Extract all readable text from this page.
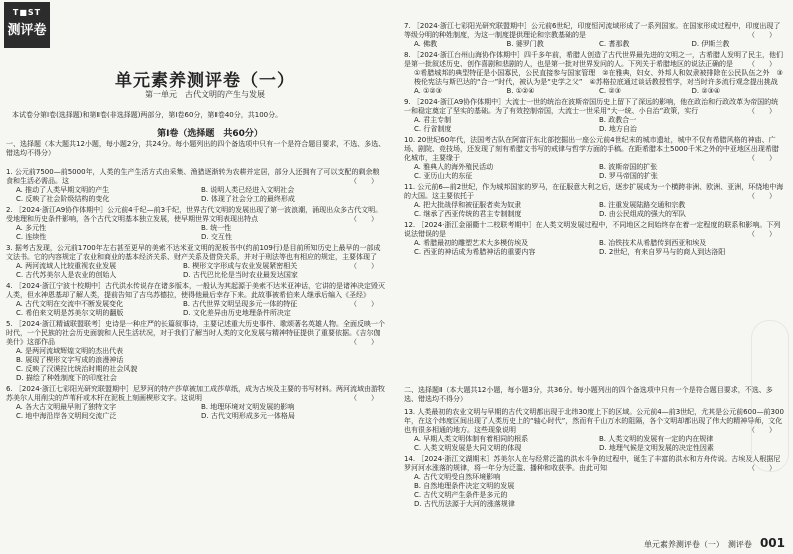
T■ST
测评卷
单元素养测评卷（一）
第一单元　古代文明的产生与发展
本试卷分第Ⅰ卷(选择题)和第Ⅱ卷(非选择题)两部分，第Ⅰ卷60分，第Ⅱ卷40分，共100分。
第Ⅰ卷（选择题　共60分）
一、选择题（本大题共12小题，每小题2分，共24分。每小题列出的四个备选项中只有一个是符合题目要求，不选、多选、错选均不得分）
1. 公元前7500—前5000年，人类的生产生活方式由采集、渔猎逐渐转为农耕并定居，部分人还拥有了可以支配的剩余粮食和生活必需品。这	（　　）
A. 推动了人类早期文明的产生	B. 说明人类已经进入文明社会
C. 反映了社会阶级结构的变化	D. 体现了社会分工的最终形成
2. ［2024·浙江A9协作体期中］公元前4千纪—前3千纪，世界古代文明的发展出现了第一波浪潮，涌现出众多古代文明。受地理和历史条件影响，各个古代文明基本独立发展，使早期世界文明表现出特点	（　　）
A. 多元性	B. 统一性
C. 连续性	D. 交互性
3. 据考古发现，公元前1700年左右甚至更早的美索不达米亚文明的泥板书中(约前109行)是目前所知历史上最早的一部成文法书。它的内容规定了农业和商业的基本经济关系、财产关系及借贷关系，并对于刑法等也有相应的规定，主要体现了
（　　）
A. 两河流域人比较重视农业发展	B. 楔形文字形成与农业发展紧密相关
C. 古代苏美尔人是农业的创始人	D. 古代巴比伦是当时农业最发达国家
4. ［2024·浙江宁波十校期中］古代洪水传说存在诸多版本，一般认为其起源于美索不达米亚神话，它讲的是诸神决定毁灭人类，但水神恩基却了解人类，提前告知了吉乌苏德拉，使得他最后幸存下来。此故事被希伯来人继承后编入《圣经》
（　　）
A. 古代文明在交流中不断发展变化	B. 古代世界文明呈现多元一体的特征
C. 希伯来文明是苏美尔文明的翻版	D. 文化差异由历史地理条件所决定
5. ［2024·浙江精诚联盟联考］史诗是一种庄严的长篇叙事诗，主要记述重大历史事件、歌颂著名英雄人物。全面反映一个时代，一个民族的社会历史面貌和人民生活状况，对于我们了解当时人类的文化发展与精神特征提供了重要依据。《吉尔伽美什》这部作品	（　　）
A. 是两河流域辉煌文明的杰出代表
B. 展现了楔形文字写成的浪漫神话
C. 反映了汉谟拉比统治时期的社会风貌
D. 描绘了种姓制度下的印度社会
6. ［2024·浙江七彩阳光研究联盟期中］尼罗河的特产莎草被加工成莎草纸，成为古埃及主要的书写材料。两河流域由游牧苏美尔人用削尖的芦苇秆或木杆在泥板上刻画楔形文字。这说明	（　　）
A. 各大古文明最早则了独特文字	B. 地理环境对文明发展的影响
C. 地中海沿岸各文明间交流广泛	D. 古代文明形成多元一体格局
7. ［2024·浙江七彩阳光研究联盟期中］公元前6世纪，印度恒河流域形成了一系列国家。在国家形成过程中，印度出现了等级分明的种姓制度，为这一制度提供理论和宗教基础的是	（　　）
A. 佛教	B. 婆罗门教	C. 耆那教	D. 伊斯兰教
8. ［2024·浙江台州山海协作体期中］四千多年前，希腊人创造了古代世界最先进的文明之一，古希腊人发明了民主，他们是第一批叙述历史、创作喜剧和悲剧的人，也是第一批对世界发问的人。下列关于希腊地区的说法正确的是 （　　）
①希腊城邦的典型特征是小国寡民，公民直接参与国家管理　②在雅典，妇女、外邦人和奴隶被排除在公民队伍之外　③梭伦宪法与斯巴达的“合一”时代，被认为是“史学之父”　④苏格拉底通过谈话教授哲学，对当时许多流行观念提出挑战
A. ①②③	B. ①②④	C. ②③	D. ②③④
9. ［2024·浙江A9协作体期中］大流士一世的统治在波斯帝国历史上留下了深远的影响，他在政治和行政改革为帝国的统一和稳定奠定了坚实的基础。为了有效控制帝国，大流士一世采用“大一统、小自治”政策，实行	（　　）
A. 君主专制	B. 政教合一
C. 行省制度	D. 地方自治
10. 20世纪60年代，法国考古队在阿富汗东北部挖掘出一座公元前4世纪末的城市遗址，城中不仅有希腊风格的神庙、广场、剧院、竞技场，还发现了刻有希腊文书写的戒律与哲学方面的手稿。在距希腊本土5000千米之外的中亚地区出现希腊化城市，主要缘于	（　　）
A. 雅典人的海外殖民活动	B. 波斯帝国的扩张
C. 亚历山大的东征	D. 罗马帝国的扩张
11. 公元前6—前2世纪，作为城邦国家的罗马，在征服意大利之后，逐步扩展成为一个横跨非洲、欧洲、亚洲，环绕地中海的大国。这主要依托于	（　　）
A. 把大批战俘和被征服者卖为奴隶	B. 注重发展陆路交通和宗教
C. 继承了西亚传统的君主专制制度	D. 由公民组成的强大的军队
12. ［2024·浙江金丽衢十二校联考期中］在人类文明发展过程中，不同地区之间始终存在着一定程度的联系和影响。下列说法错误的是	（　　）
A. 希腊最初的雕塑艺术大多模仿埃及	B. 冶铁技术从希腊传到西亚和埃及
C. 西亚的神话成为希腊神话的重要内容	D. 2世纪，有来自罗马与的商人到达洛阳
二、选择题Ⅱ（本大题共12小题，每小题3分，共36分。每小题列出的四个备选项中只有一个是符合题目要求，不选、多选、错选均不得分）
13. 人类最初的农业文明与早期的古代文明都出现于北纬30度上下的区域。公元前4—前3世纪，尤其是公元前600—前300年，在这个纬度区间出现了人类历史上的“轴心时代”，然而有千山万水的阻隔，各个文明却都出现了伟大的精神导师，文化也有很多相通的地方。这些现象说明	（　　）
A. 早期人类文明体制有着相同的根系	B. 人类文明的发展有一定的内在规律
C. 人类文明发展是大同文明的体现	D. 地理气候是文明发展的决定性因素
14. ［2024·浙江文湖期末］苏美尔人在与经常泛滥的洪水斗争的过程中，诞生了丰富的洪水和方舟传说。古埃及人根据尼罗河河水涨落的规律，将一年分为泛滥、播种和收获季。由此可知	（　　）
A. 古代文明受自然环境影响
B. 自然地理条件决定文明的发展
C. 古代文明产生条件是多元的
D. 古代历法源于大河的涨落规律
单元素养测评卷（一）　测评卷　001
